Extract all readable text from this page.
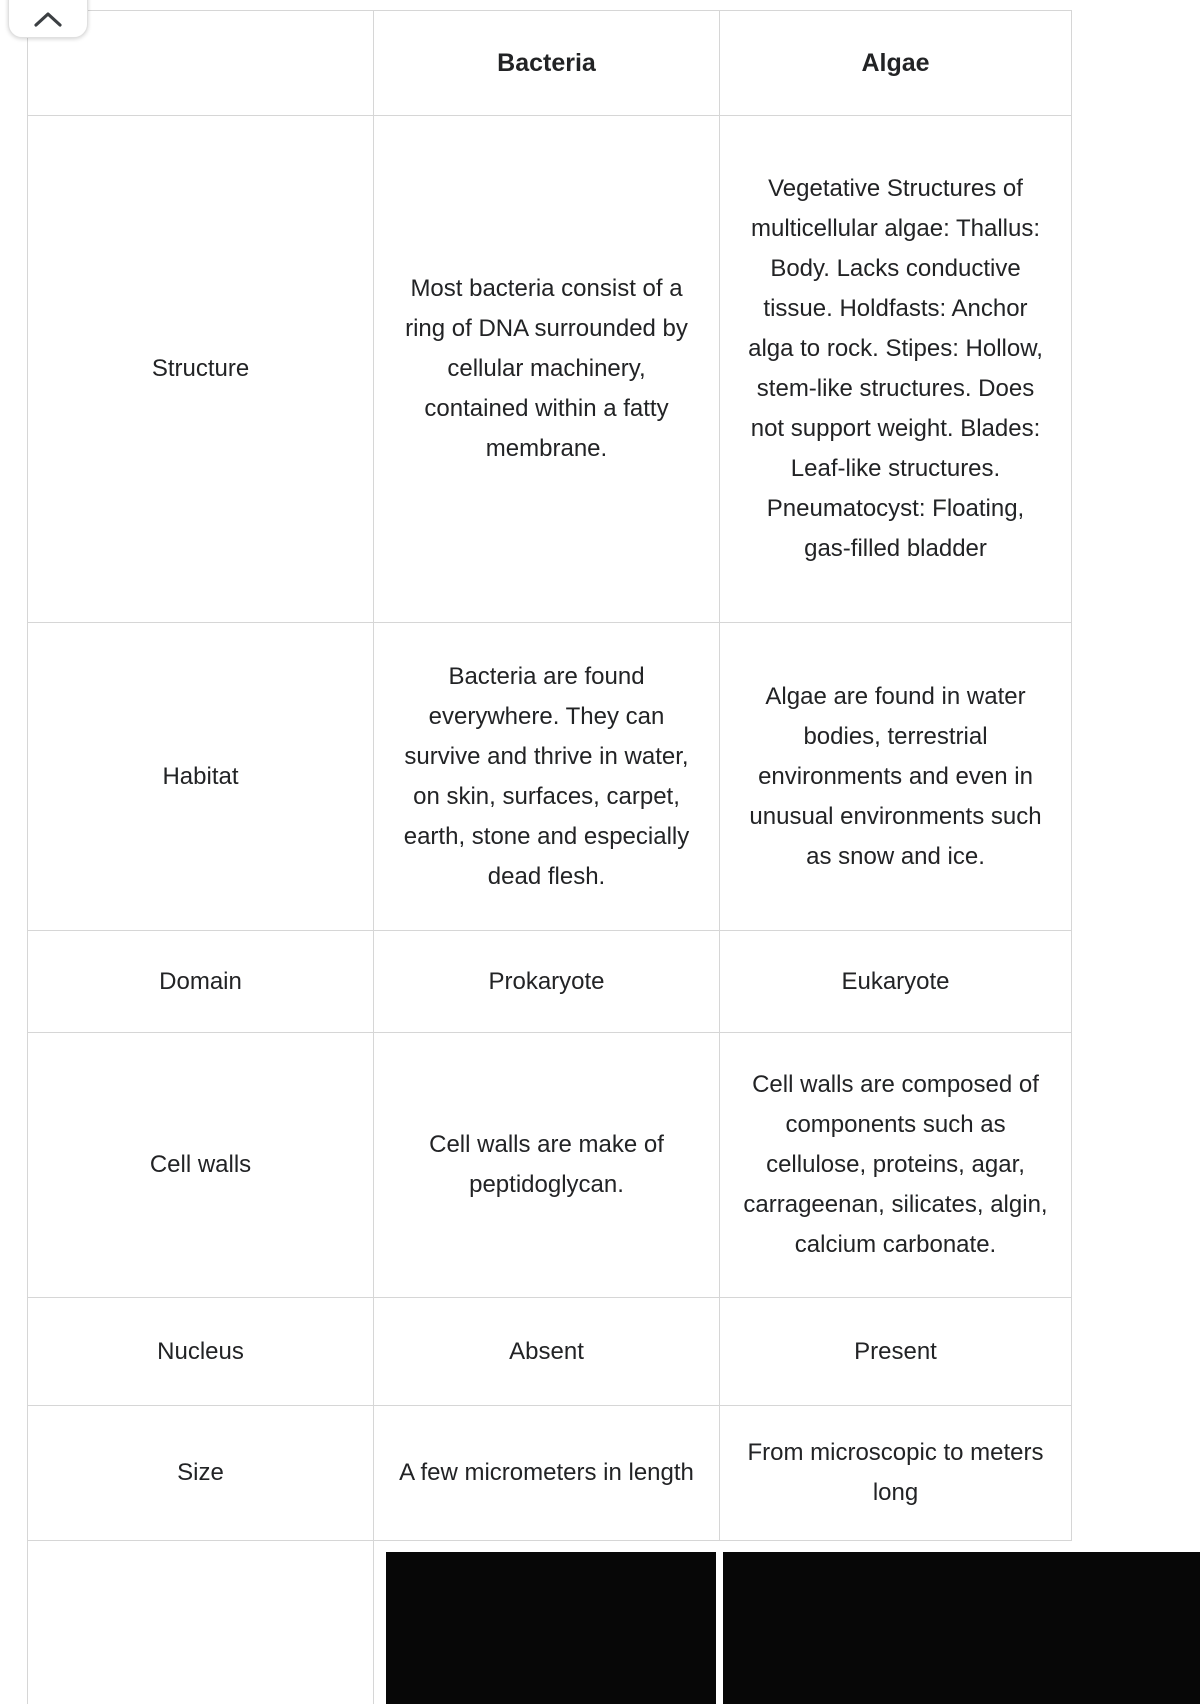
	Bacteria	Algae
Structure	Most bacteria consist of a ring of DNA surrounded by cellular machinery, contained within a fatty membrane.	Vegetative Structures of multicellular algae: Thallus: Body. Lacks conductive tissue. Holdfasts: Anchor alga to rock. Stipes: Hollow, stem-like structures. Does not support weight. Blades: Leaf-like structures. Pneumatocyst: Floating, gas-filled bladder
Habitat	Bacteria are found everywhere. They can survive and thrive in water, on skin, surfaces, carpet, earth, stone and especially dead flesh.	Algae are found in water bodies, terrestrial environments and even in unusual environments such as snow and ice.
Domain	Prokaryote	Eukaryote
Cell walls	Cell walls are make of peptidoglycan.	Cell walls are composed of components such as cellulose, proteins, agar, carrageenan, silicates, algin, calcium carbonate.
Nucleus	Absent	Present
Size	A few micrometers in length	From microscopic to meters long
